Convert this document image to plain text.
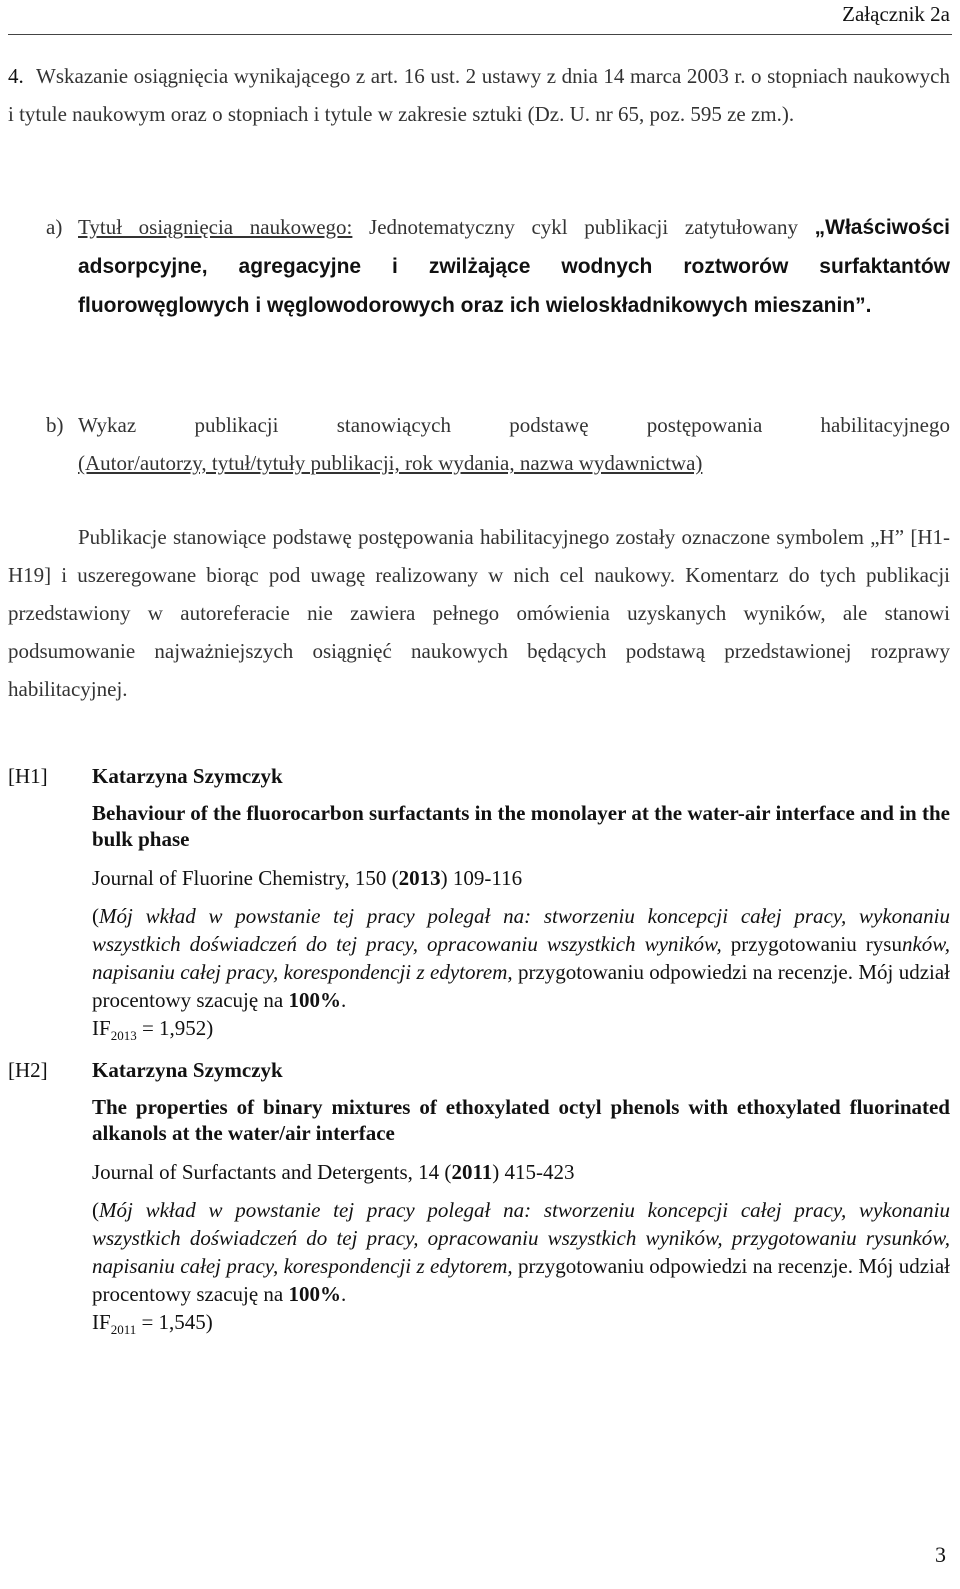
Załącznik 2a
4. Wskazanie osiągnięcia wynikającego z art. 16 ust. 2 ustawy z dnia 14 marca 2003 r. o stopniach naukowych i tytule naukowym oraz o stopniach i tytule w zakresie sztuki (Dz. U. nr 65, poz. 595 ze zm.).
a) Tytuł osiągnięcia naukowego: Jednotematyczny cykl publikacji zatytułowany „Właściwości adsorpcyjne, agregacyjne i zwilżające wodnych roztworów surfaktantów fluorowęglowych i węglowodorowych oraz ich wieloskładnikowych mieszanin”.
b) Wykaz publikacji stanowiących podstawę postępowania habilitacyjnego
(Autor/autorzy, tytuł/tytuły publikacji, rok wydania, nazwa wydawnictwa)
Publikacje stanowiące podstawę postępowania habilitacyjnego zostały oznaczone symbolem „H” [H1-H19] i uszeregowane biorąc pod uwagę realizowany w nich cel naukowy. Komentarz do tych publikacji przedstawiony w autoreferacie nie zawiera pełnego omówienia uzyskanych wyników, ale stanowi podsumowanie najważniejszych osiągnięć naukowych będących podstawą przedstawionej rozprawy habilitacyjnej.
[H1] Katarzyna Szymczyk
Behaviour of the fluorocarbon surfactants in the monolayer at the water-air interface and in the bulk phase
Journal of Fluorine Chemistry, 150 (2013) 109-116
(Mój wkład w powstanie tej pracy polegał na: stworzeniu koncepcji całej pracy, wykonaniu wszystkich doświadczeń do tej pracy, opracowaniu wszystkich wyników, przygotowaniu rysunków, napisaniu całej pracy, korespondencji z edytorem, przygotowaniu odpowiedzi na recenzje. Mój udział procentowy szacuję na 100%.
$IF_{2013} = 1,952$)
[H2] Katarzyna Szymczyk
The properties of binary mixtures of ethoxylated octyl phenols with ethoxylated fluorinated alkanols at the water/air interface
Journal of Surfactants and Detergents, 14 (2011) 415-423
(Mój wkład w powstanie tej pracy polegał na: stworzeniu koncepcji całej pracy, wykonaniu wszystkich doświadczeń do tej pracy, opracowaniu wszystkich wyników, przygotowaniu rysunków, napisaniu całej pracy, korespondencji z edytorem, przygotowaniu odpowiedzi na recenzje. Mój udział procentowy szacuję na 100%.
$IF_{2011} = 1,545$)
3
